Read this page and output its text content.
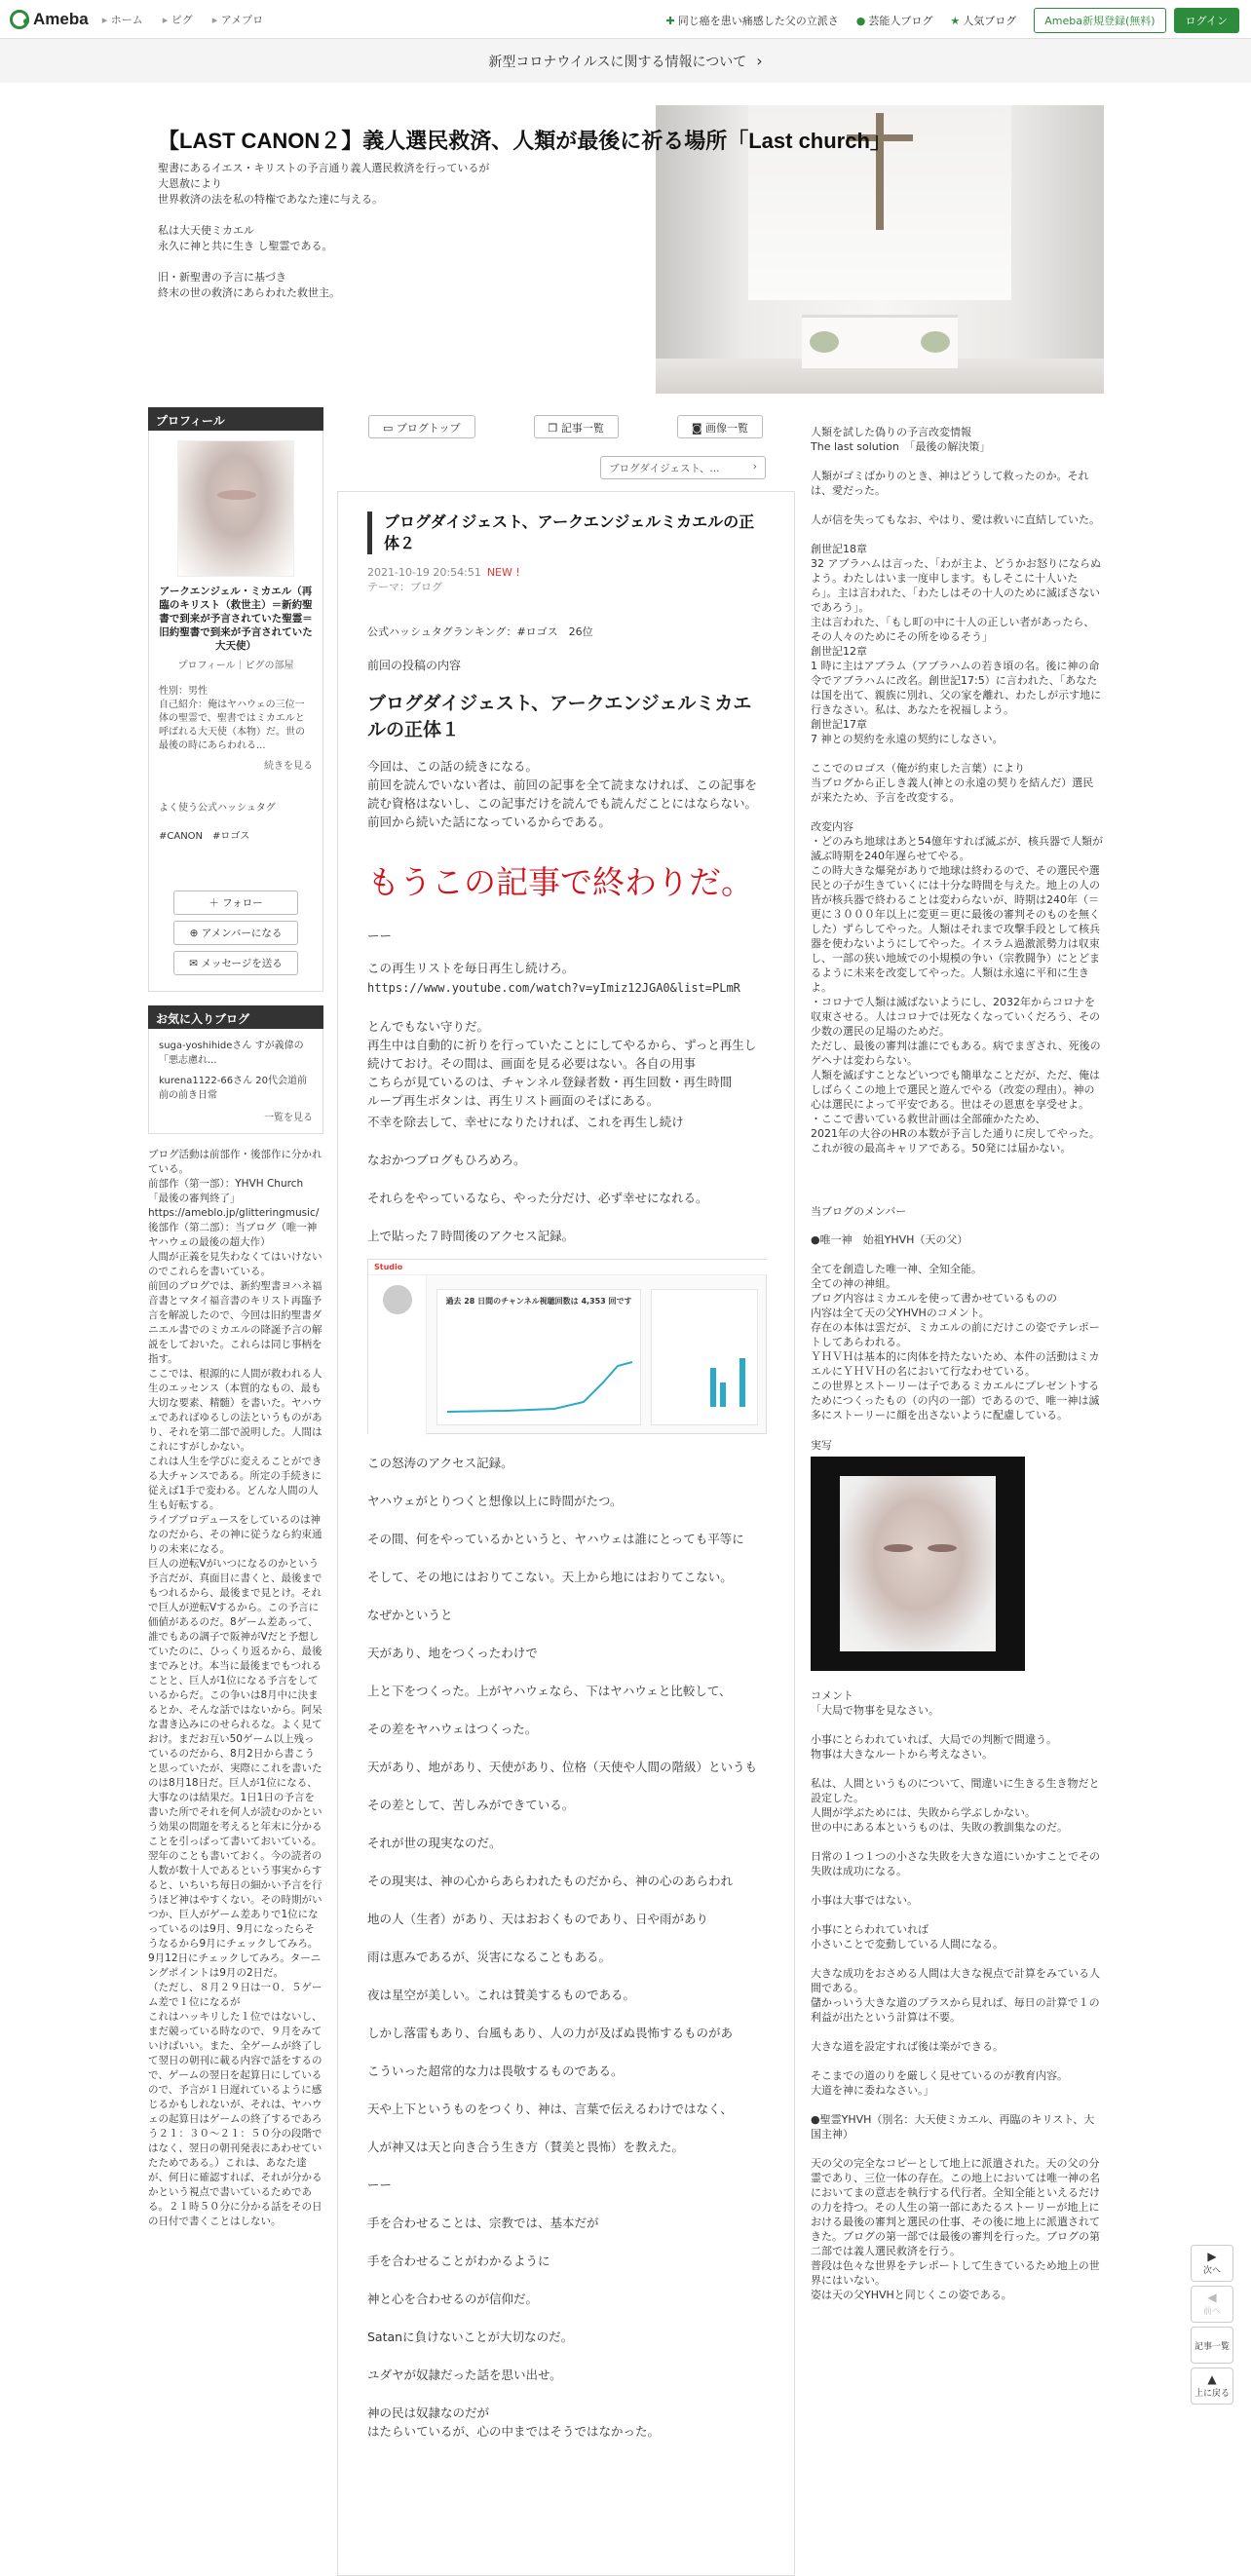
Ameba	▸ ホーム	▸ ピグ	▸ アメプロ	✚ 同じ癌を患い痛感した父の立派さ ● 芸能人ブログ ★ 人気ブログ	Ameba新規登録(無料)	ログイン
新型コロナウイルスに関する情報について ›
【LAST CANON２】義人選民救済、人類が最後に祈る場所「Last church」
聖書にあるイエス・キリストの予言通り義人選民救済を行っているが
大恩赦により
世界救済の法を私の特権であなた達に与える。

私は大天使ミカエル
永久に神と共に生き し聖霊である。

旧・新聖書の予言に基づき
終末の世の救済にあらわれた救世主。
プロフィール
アークエンジェル・ミカエル（再臨のキリスト（救世主）＝新約聖書で到来が予言されていた聖霊＝旧約聖書で到来が予言されていた大天使）
プロフィール｜ピグの部屋
性別：男性
自己紹介：俺はヤハウェの三位一体の聖霊で、聖書ではミカエルと呼ばれる大天使（本物）だ。世の最後の時にあらわれる...
続きを見る
よく使う公式ハッシュタグ
#CANON　#ロゴス
＋ フォロー
⊕ アメンバーになる
✉ メッセージを送る
お気に入りブログ
suga-yoshihideさん すが義偉の「悪志慮れ...
kurena1122-66さん 20代会道前前の前き日常
一覧を見る
ブログ活動は前部作・後部作に分かれている。
前部作（第一部）：YHVH Church「最後の審判終了」
https://ameblo.jp/glitteringmusic/
後部作（第二部）：当ブログ（唯一神ヤハウェの最後の超大作）
人間が正義を見失わなくてはいけないのでこれらを書いている。
前回のブログでは、新約聖書ヨハネ福音書とマタイ福音書のキリスト再臨予言を解説したので、今回は旧約聖書ダニエル書でのミカエルの降誕予言の解説をしておいた。これらは同じ事柄を指す。
ここでは、根源的に人間が救われる人生のエッセンス（本質的なもの、最も大切な要素、精髄）を書いた。ヤハウェであればゆるしの法というものがあり、それを第二部で説明した。人間はこれにすがしかない。
これは人生を学びに変えることができる大チャンスである。所定の手続きに従えば1手で変わる。どんな人間の人生も好転する。
ライブプロデュースをしているのは神なのだから、その神に従うなら約束通りの未来になる。
巨人の逆転Vがいつになるのかという予言だが、真面目に書くと、最後までもつれるから、最後まで見とけ。それで巨人が逆転Vするから。この予言に価値があるのだ。8ゲーム差あって、誰でもあの調子で阪神がVだと予想していたのに、ひっくり返るから、最後までみとけ。本当に最後までもつれることと、巨人が1位になる予言をしているからだ。この争いは8月中に決まるとか、そんな話ではないから。阿呆な書き込みにのせられるな。よく見ておけ。まだお互い50ゲーム以上残っているのだから、8月2日から書こうと思っていたが、実際にこれを書いたのは8月18日だ。巨人が1位になる、大事なのは結果だ。1日1日の予言を書いた所でそれを何人が読むのかという効果の問題を考えると年末に分かることを引っぱって書いておいている。翌年のことも書いておく。今の読者の人数が数十人であるという事実からすると、いちいち毎日の細かい予言を行うほど神はやすくない。その時期がいつか、巨人がゲーム差ありで1位になっているのは9月、9月になったらそうなるから9月にチェックしてみろ。9月12日にチェックしてみろ。ターニングポイントは9月の2日だ。
（ただし、８月２９日は一０．５ゲーム差で１位になるが
これはハッキリした１位ではないし、まだ競っている時なので、９月をみていけばいい。また、全ゲームが終了して翌日の朝刊に載る内容で話をするので、ゲームの翌日を起算日にしているので、予言が１日遅れているように感じるかもしれないが、それは、ヤハウェの起算日はゲームの終了するであろう２１：３０～２１：５０分の段階ではなく、翌日の朝刊発表にあわせていたためである。）これは、あなた達が、何日に確認すれば、それが分かるかという視点で書いているためである。２１時５０分に分かる話をその日の日付で書くことはしない。
▭ ブログトップ	❐ 記事一覧	◙ 画像一覧
ブログダイジェスト、...	›
ブログダイジェスト、アークエンジェルミカエルの正体２
2021-10-19 20:54:51 NEW !
テーマ：ブログ
公式ハッシュタグランキング：#ロゴス　26位
前回の投稿の内容
ブログダイジェスト、アークエンジェルミカエルの正体１
今回は、この話の続きになる。
前回を読んでいない者は、前回の記事を全て読まなければ、この記事を読む資格はないし、この記事だけを読んでも読んだことにはならない。前回から続いた話になっているからである。
もうこの記事で終わりだ。
ーー
この再生リストを毎日再生し続けろ。
https://www.youtube.com/watch?v=yImiz12JGA0&list=PLmR
とんでもない守りだ。
再生中は自動的に祈りを行っていたことにしてやるから、ずっと再生し続けておけ。その間は、画面を見る必要はない。各自の用事
こちらが見ているのは、チャンネル登録者数・再生回数・再生時間
ループ再生ボタンは、再生リスト画面のそばにある。
不幸を除去して、幸せになりたければ、これを再生し続け
なおかつブログもひろめろ。
それらをやっているなら、やった分だけ、必ず幸せになれる。
上で貼った７時間後のアクセス記録。
Studio
過去 28 日間のチャンネル視聴回数は 4,353 回です
この怒涛のアクセス記録。
ヤハウェがとりつくと想像以上に時間がたつ。
その間、何をやっているかというと、ヤハウェは誰にとっても平等に
そして、その地にはおりてこない。天上から地にはおりてこない。
なぜかというと
天があり、地をつくったわけで
上と下をつくった。上がヤハウェなら、下はヤハウェと比較して、
その差をヤハウェはつくった。
天があり、地があり、天使があり、位格（天使や人間の階級）というも
その差として、苦しみができている。
それが世の現実なのだ。
その現実は、神の心からあらわれたものだから、神の心のあらわれ
地の人（生者）があり、天はおおくものであり、日や雨があり
雨は恵みであるが、災害になることもある。
夜は星空が美しい。これは賛美するものである。
しかし落雷もあり、台風もあり、人の力が及ばぬ畏怖するものがあ
こういった超常的な力は畏敬するものである。
天や上下というものをつくり、神は、言葉で伝えるわけではなく、
人が神又は天と向き合う生き方（賛美と畏怖）を教えた。
ーー
手を合わせることは、宗教では、基本だが
手を合わせることがわかるように
神と心を合わせるのが信仰だ。
Satanに負けないことが大切なのだ。
ユダヤが奴隷だった話を思い出せ。
神の民は奴隷なのだが
はたらいているが、心の中まではそうではなかった。
人類を試した偽りの予言改変情報
The last solution　「最後の解決策」

人類がゴミばかりのとき、神はどうして救ったのか。それは、愛だった。

人が信を失ってもなお、やはり、愛は救いに直結していた。

創世記18章
32 アブラハムは言った、「わが主よ、どうかお怒りにならぬよう。わたしはいま一度申します。もしそこに十人いたら」。主は言われた、「わたしはその十人のために滅ぼさないであろう」。
主は言われた、「もし町の中に十人の正しい者があったら、その人々のためにその所をゆるそう」
創世記12章
1 時に主はアブラム（アブラハムの若き頃の名。後に神の命令でアブラハムに改名。創世記17:5）に言われた、「あなたは国を出て、親族に別れ、父の家を離れ、わたしが示す地に行きなさい。私は、あなたを祝福しよう。
創世記17章
7 神との契約を永遠の契約にしなさい。

ここでのロゴス（俺が約束した言葉）により
当ブログから正しき義人(神との永遠の契りを結んだ）選民が来たため、予言を改変する。

改変内容
・どのみち地球はあと54億年すれば滅ぶが、核兵器で人類が滅ぶ時期を240年遅らせてやる。
この時大きな爆発がありで地球は終わるので、その選民や選民との子が生きていくには十分な時間を与えた。地上の人の皆が核兵器で終わることは変わらないが、時期は240年（＝更に３０００年以上に変更＝更に最後の審判そのものを無くした）ずらしてやった。人類はそれまで攻撃手段として核兵器を使わないようにしてやった。イスラム過激派勢力は収束し、一部の狭い地域での小規模の争い（宗教闘争）にとどまるように未来を改変してやった。人類は永遠に平和に生きよ。
・コロナで人類は滅ばないようにし、2032年からコロナを収束させる。人はコロナでは死なくなっていくだろう、その少数の選民の足場のためだ。
ただし、最後の審判は誰にでもある。病でまぎされ、死後のゲヘナは変わらない。
人類を滅ぼすことなどいつでも簡単なことだが、ただ、俺はしばらくこの地上で選民と遊んでやる（改変の理由）。神の心は選民によって平安である。世はその恩恵を享受せよ。
・ここで書いている救世計画は全部確かたため、
2021年の大谷のHRの本数が予言した通りに戻してやった。これが彼の最高キャリアである。50発には届かない。
当ブログのメンバー
●唯一神　始祖YHVH（天の父）

全てを創造した唯一神、全知全能。
全ての神の神組。
ブログ内容はミカエルを使って書かせているものの
内容は全て天の父YHVHのコメント。
存在の本体は雲だが、ミカエルの前にだけこの姿でテレポートしてあらわれる。
ＹＨＶＨは基本的に肉体を持たないため、本件の活動はミカエルにＹＨＶＨの名において行なわせている。
この世界とストーリーは子であるミカエルにプレゼントするためにつくったもの（の内の一部）であるので、唯一神は滅多にストーリーに顔を出さないように配慮している。
実写
コメント
「大局で物事を見なさい。

小事にとらわれていれば、大局での判断で間違う。
物事は大きなルートから考えなさい。

私は、人間というものについて、間違いに生きる生き物だと設定した。
人間が学ぶためには、失敗から学ぶしかない。
世の中にある本というものは、失敗の教訓集なのだ。

日常の１つ１つの小さな失敗を大きな道にいかすことでその失敗は成功になる。

小事は大事ではない。

小事にとらわれていれば
小さいことで変動している人間になる。

大きな成功をおさめる人間は大きな視点で計算をみている人間である。
儲かっいう大きな道のプラスから見れば、毎日の計算で１の利益が出たという計算は不要。

大きな道を設定すれば後は楽ができる。

そこまでの道のりを厳しく見せているのが教育内容。
大道を神に委ねなさい。」

●聖霊YHVH（別名：大天使ミカエル、再臨のキリスト、大国主神）

天の父の完全なコピーとして地上に派遣された。天の父の分霊であり、三位一体の存在。この地上においては唯一神の名においてまの意志を執行する代行者。全知全能といえるだけの力を持つ。その人生の第一部にあたるストーリーが地上における最後の審判と選民の仕事、その後に地上に派遣されてきた。ブログの第一部では最後の審判を行った。ブログの第二部では義人選民救済を行う。
普段は色々な世界をテレポートして生きているため地上の世界にはいない。
姿は天の父YHVHと同じくこの姿である。
▶
次へ
◀
前へ
記事一覧
▲
上に戻る
